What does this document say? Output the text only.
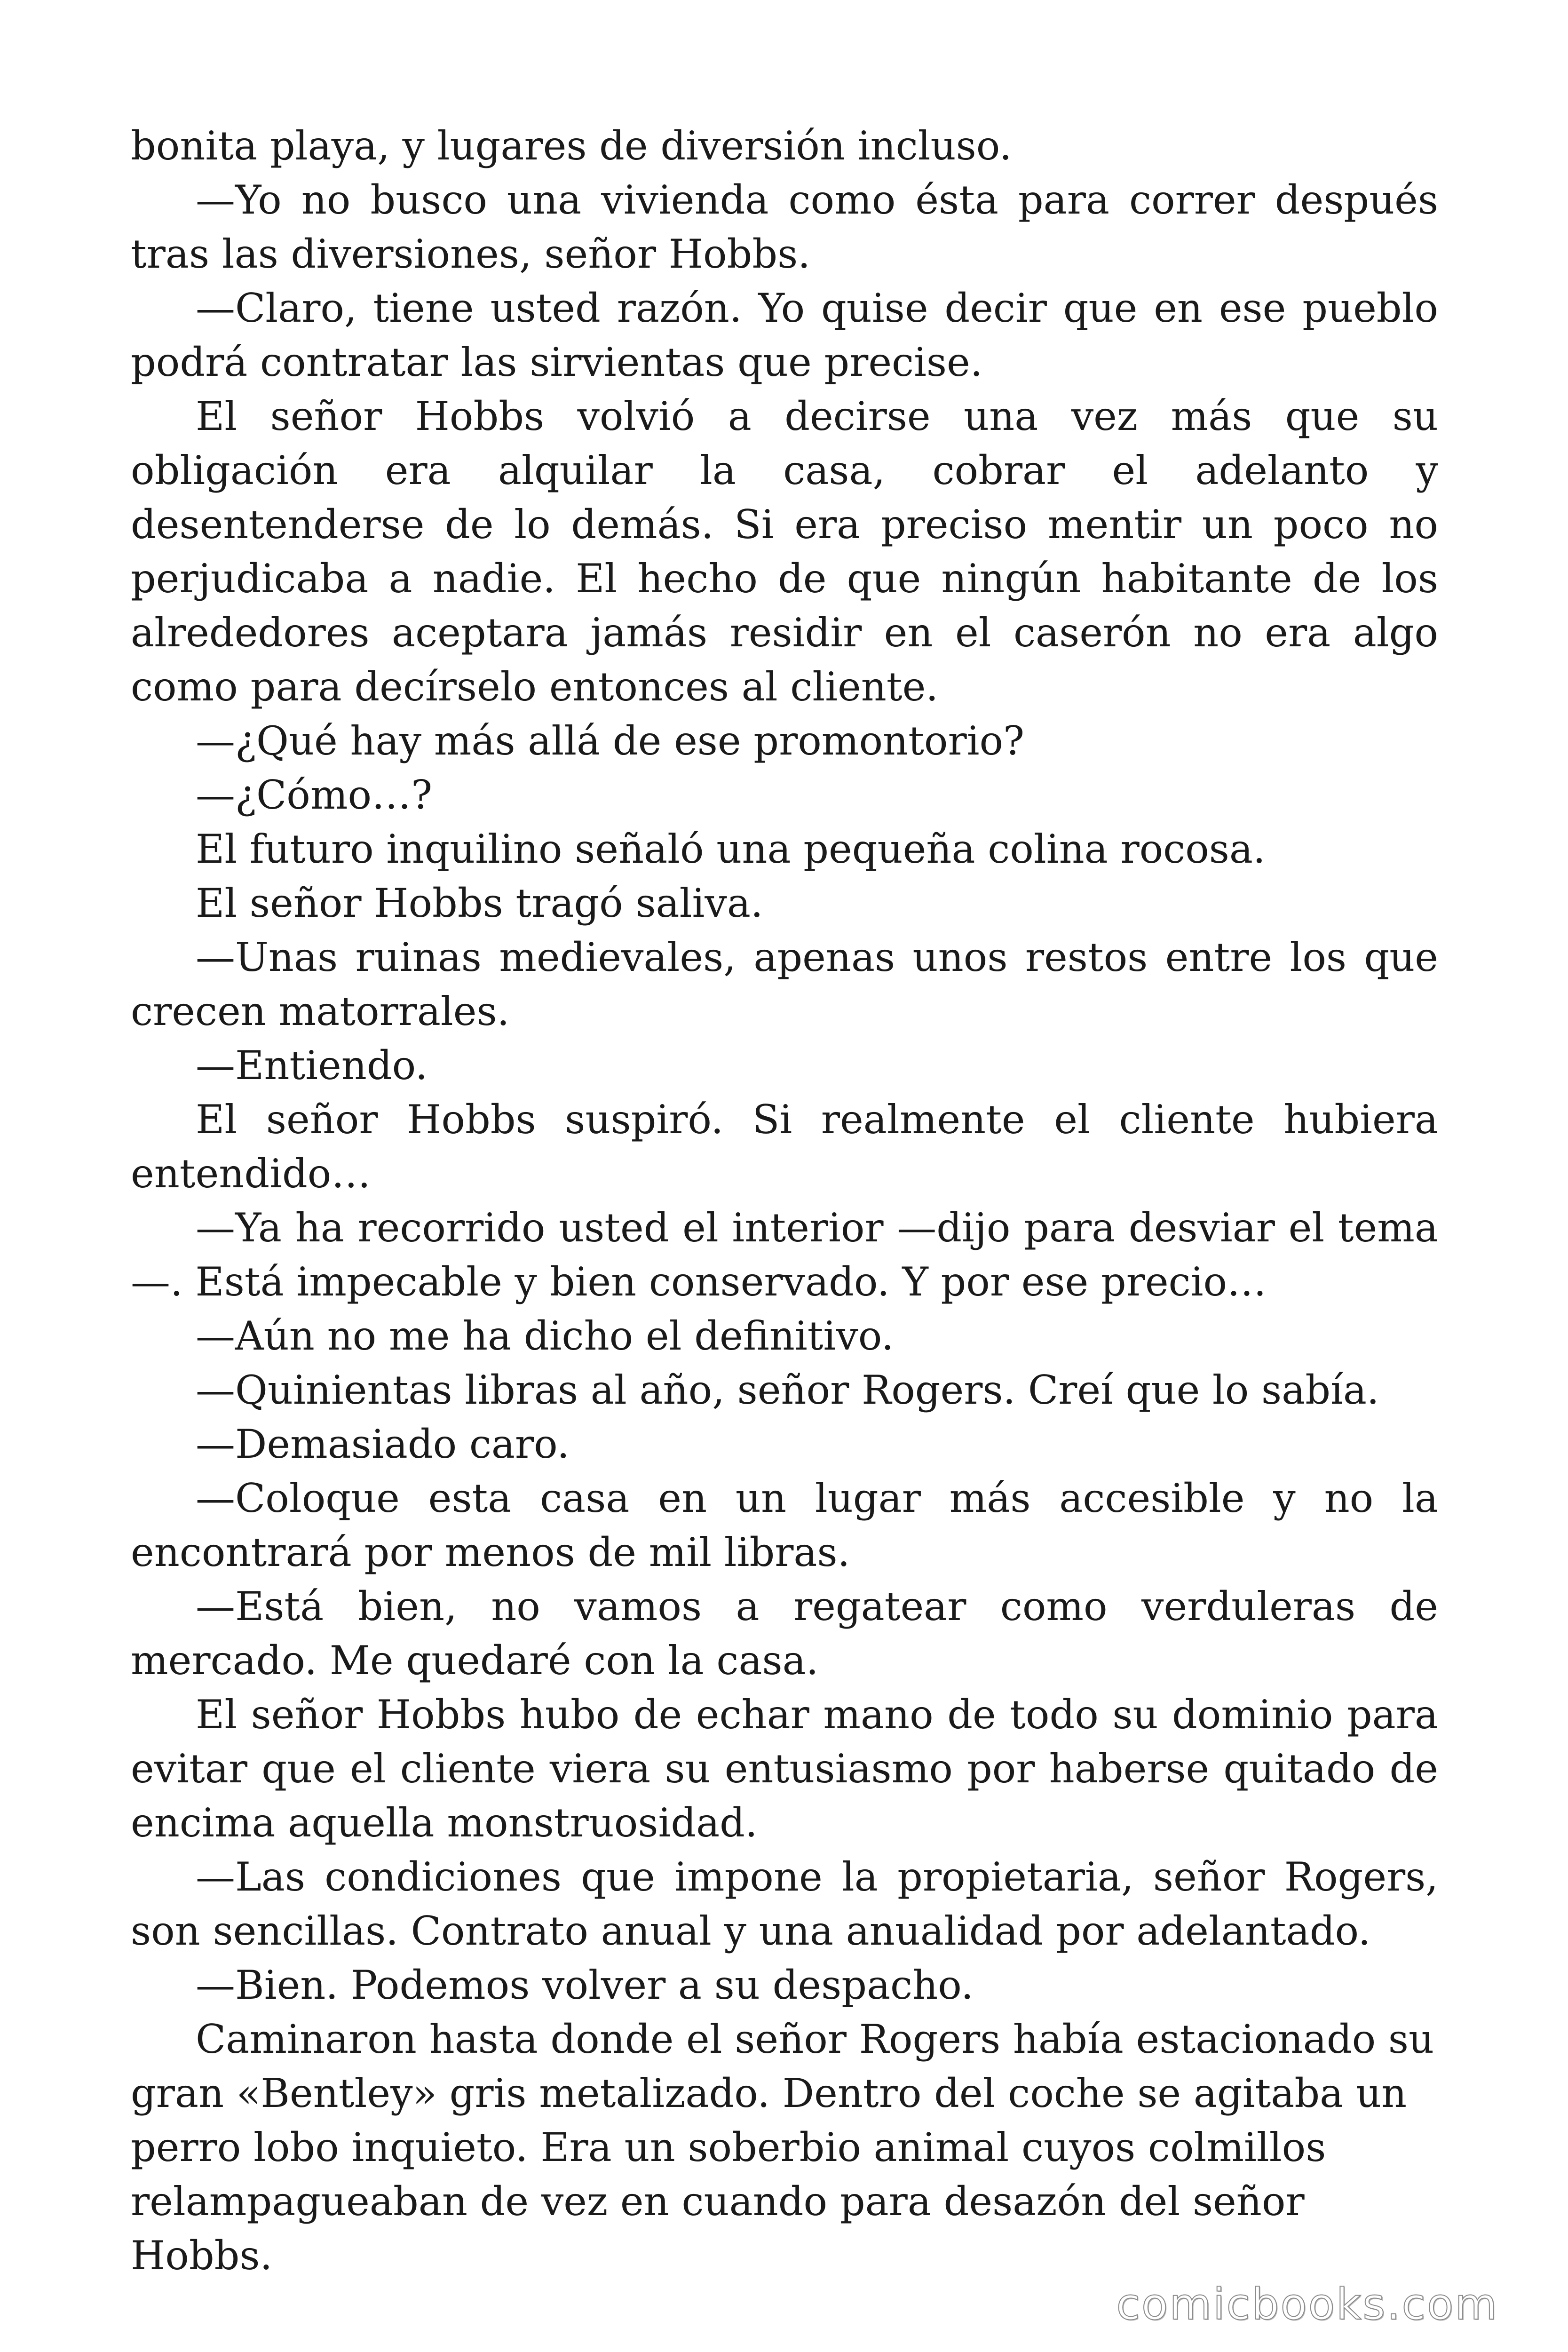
bonita playa, y lugares de diversión incluso.

—Yo no busco una vivienda como ésta para correr después tras las diversiones, señor Hobbs.

—Claro, tiene usted razón. Yo quise decir que en ese pueblo podrá contratar las sirvientas que precise.

El señor Hobbs volvió a decirse una vez más que su obligación era alquilar la casa, cobrar el adelanto y desentenderse de lo demás. Si era preciso mentir un poco no perjudicaba a nadie. El hecho de que ningún habitante de los alrededores aceptara jamás residir en el caserón no era algo como para decírselo entonces al cliente.

—¿Qué hay más allá de ese promontorio?

—¿Cómo…?

El futuro inquilino señaló una pequeña colina rocosa.

El señor Hobbs tragó saliva.

—Unas ruinas medievales, apenas unos restos entre los que crecen matorrales.

—Entiendo.

El señor Hobbs suspiró. Si realmente el cliente hubiera entendido…

—Ya ha recorrido usted el interior —dijo para desviar el tema—. Está impecable y bien conservado. Y por ese precio…

—Aún no me ha dicho el definitivo.

—Quinientas libras al año, señor Rogers. Creí que lo sabía.

—Demasiado caro.

—Coloque esta casa en un lugar más accesible y no la encontrará por menos de mil libras.

—Está bien, no vamos a regatear como verduleras de mercado. Me quedaré con la casa.

El señor Hobbs hubo de echar mano de todo su dominio para evitar que el cliente viera su entusiasmo por haberse quitado de encima aquella monstruosidad.

—Las condiciones que impone la propietaria, señor Rogers, son sencillas. Contrato anual y una anualidad por adelantado.

—Bien. Podemos volver a su despacho.

Caminaron hasta donde el señor Rogers había estacionado su gran «Bentley» gris metalizado. Dentro del coche se agitaba un perro lobo inquieto. Era un soberbio animal cuyos colmillos relampagueaban de vez en cuando para desazón del señor Hobbs.

comicbooks.com
